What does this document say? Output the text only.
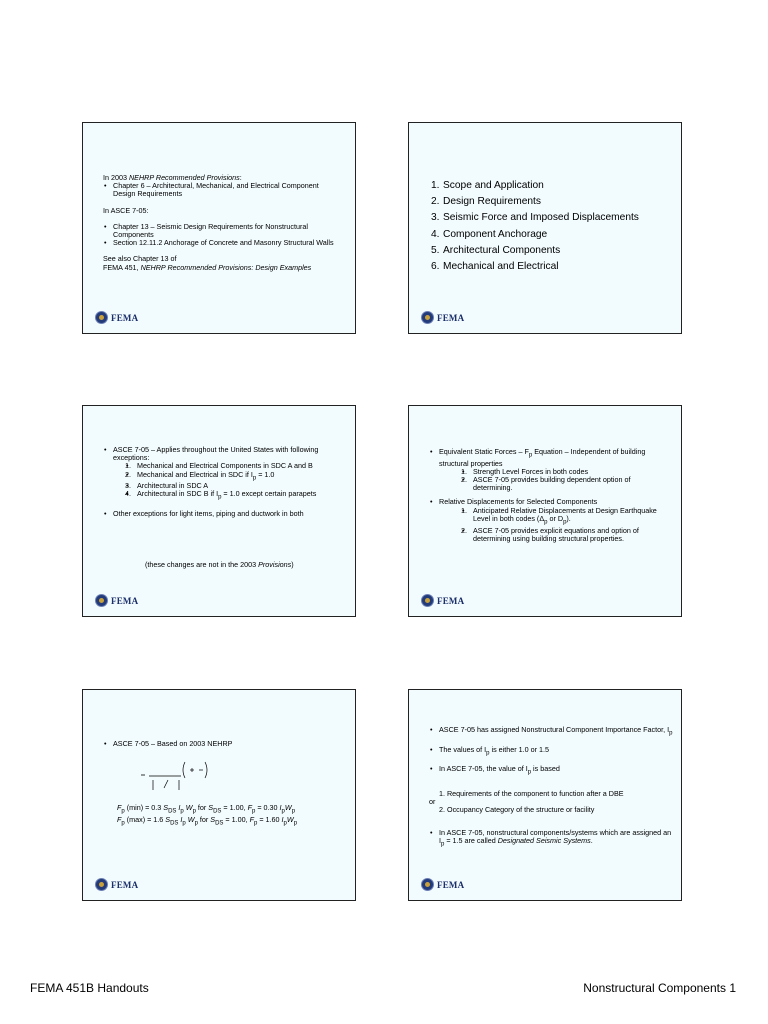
In 2003 NEHRP Recommended Provisions:
• Chapter 6 – Architectural, Mechanical, and Electrical Component Design Requirements
In ASCE 7-05:
• Chapter 13 – Seismic Design Requirements for Nonstructural Components
• Section 12.11.2 Anchorage of Concrete and Masonry Structural Walls
See also Chapter 13 of
FEMA 451, NEHRP Recommended Provisions: Design Examples
FEMA
1. Scope and Application
2. Design Requirements
3. Seismic Force and Imposed Displacements
4. Component Anchorage
5. Architectural Components
6. Mechanical and Electrical
FEMA
• ASCE 7-05 – Applies throughout the United States with following exceptions:
• 1. Mechanical and Electrical Components in SDC A and B
• 2. Mechanical and Electrical in SDC if $I_p = 1.0$
• 3. Architectural in SDC A
• 4. Architectural in SDC B if $I_p = 1.0$ except certain parapets
• Other exceptions for light items, piping and ductwork in both
(these changes are not in the 2003 Provisions)
FEMA
• Equivalent Static Forces – $F_p$ Equation – Independent of building structural properties
• 1. Strength Level Forces in both codes
• 2. ASCE 7-05 provides building dependent option of determining.
• Relative Displacements for Selected Components
• 1. Anticipated Relative Displacements at Design Earthquake Level in both codes ($\Delta_p$ or $D_p$).
• 2. ASCE 7-05 provides explicit equations and option of determining using building structural properties.
FEMA
• ASCE 7-05 – Based on 2003 NEHRP
$F_p$ (min) = 0.3 $S_{DS}$ $I_p$ $W_p$ for $S_{DS} = 1.00$, $F_p = 0.30$ $I_pW_p$
$F_p$ (max) = 1.6 $S_{DS}$ $I_p$ $W_p$ for $S_{DS} = 1.00$, $F_p = 1.60$ $I_pW_p$
FEMA
• ASCE 7-05 has assigned Nonstructural Component Importance Factor, $I_p$
• The values of $I_p$ is either 1.0 or 1.5
• In ASCE 7-05, the value of $I_p$ is based
1. Requirements of the component to function after a DBE
or
2. Occupancy Category of the structure or facility
• In ASCE 7-05, nonstructural components/systems which are assigned an $I_p = 1.5$ are called Designated Seismic Systems.
FEMA
FEMA 451B Handouts	Nonstructural Components 1
